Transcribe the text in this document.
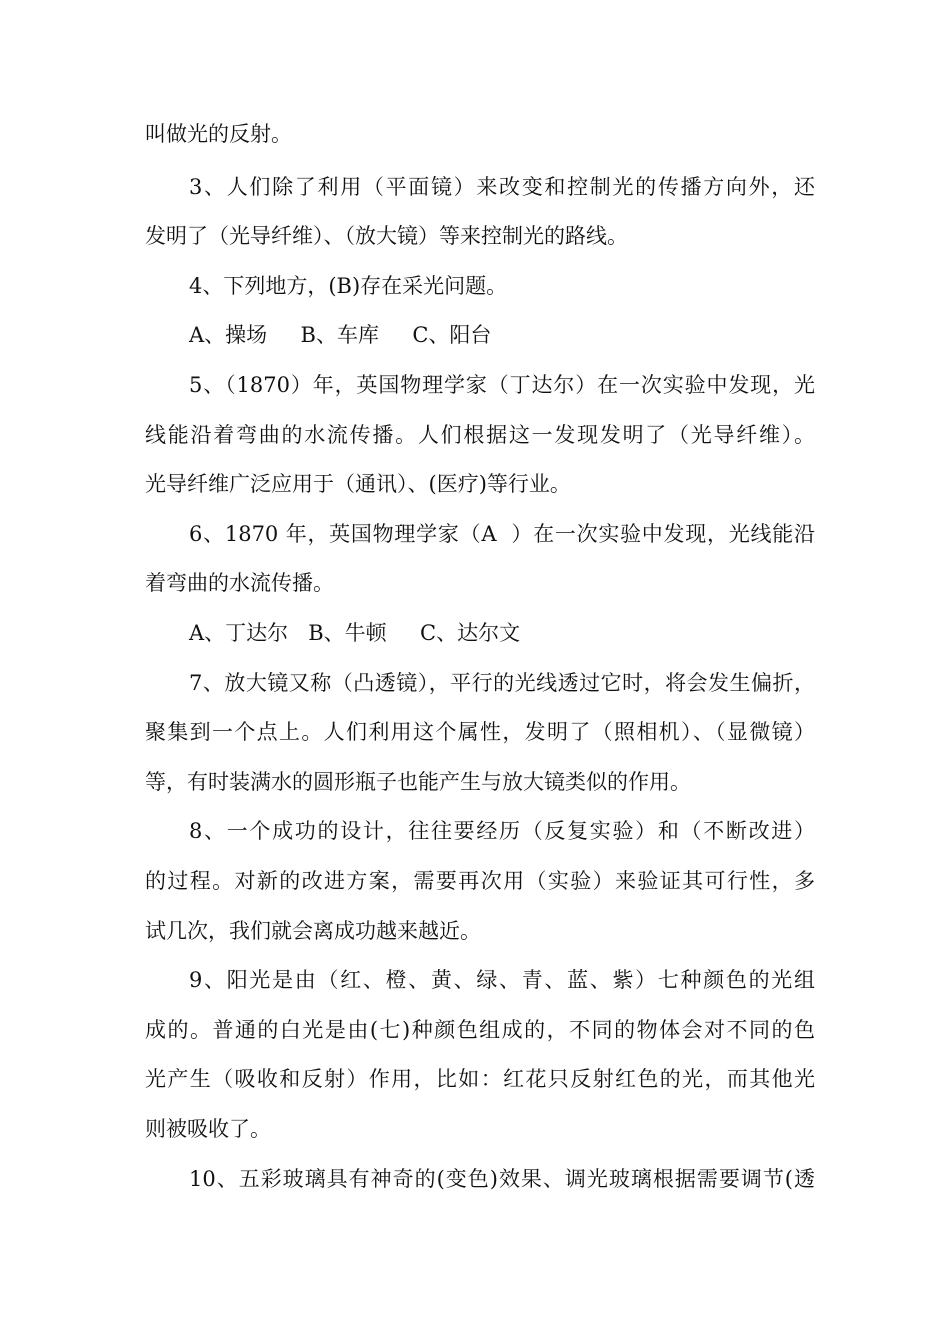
叫做光的反射。
3、人们除了利用（平面镜）来改变和控制光的传播方向外，还
发明了（光导纤维）、（放大镜）等来控制光的路线。
4、下列地方，(B)存在采光问题。
A、操场     B、车库     C、阳台
5、（1870）年，英国物理学家（丁达尔）在一次实验中发现，光
线能沿着弯曲的水流传播。人们根据这一发现发明了（光导纤维）。
光导纤维广泛应用于（通讯）、(医疗)等行业。
6、1870 年，英国物理学家（A  ）在一次实验中发现，光线能沿
着弯曲的水流传播。
A、丁达尔   B、牛顿     C、达尔文
7、放大镜又称（凸透镜），平行的光线透过它时，将会发生偏折，
聚集到一个点上。人们利用这个属性，发明了（照相机）、（显微镜）
等，有时装满水的圆形瓶子也能产生与放大镜类似的作用。
8、一个成功的设计，往往要经历（反复实验）和（不断改进）
的过程。对新的改进方案，需要再次用（实验）来验证其可行性，多
试几次，我们就会离成功越来越近。
9、阳光是由（红、橙、黄、绿、青、蓝、紫）七种颜色的光组
成的。普通的白光是由(七)种颜色组成的，不同的物体会对不同的色
光产生（吸收和反射）作用，比如：红花只反射红色的光，而其他光
则被吸收了。
10、五彩玻璃具有神奇的(变色)效果、调光玻璃根据需要调节(透
